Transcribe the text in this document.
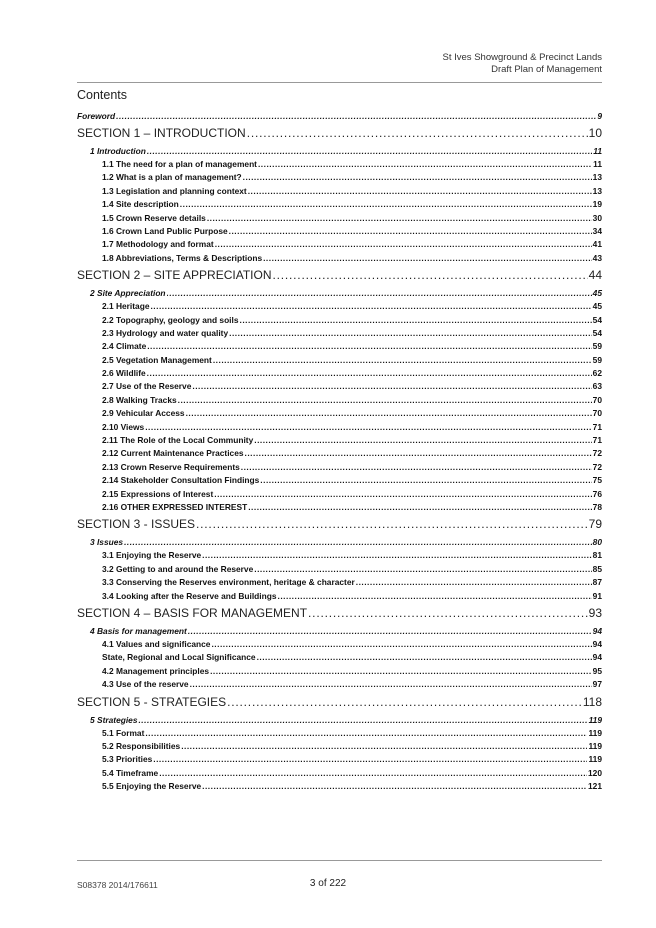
St Ives Showground & Precinct Lands
Draft Plan of Management
Contents
Foreword .....	9
SECTION 1 – INTRODUCTION .....	10
1 Introduction .....	11
1.1 The need for a plan of management .....	11
1.2 What is a plan of management? .....	13
1.3 Legislation and planning context .....	13
1.4 Site description .....	19
1.5 Crown Reserve details .....	30
1.6 Crown Land Public Purpose .....	34
1.7 Methodology and format .....	41
1.8 Abbreviations, Terms & Descriptions .....	43
SECTION 2 – SITE APPRECIATION .....	44
2 Site Appreciation .....	45
2.1 Heritage .....	45
2.2 Topography, geology and soils .....	54
2.3 Hydrology and water quality .....	54
2.4 Climate .....	59
2.5 Vegetation Management .....	59
2.6 Wildlife .....	62
2.7 Use of the Reserve .....	63
2.8 Walking Tracks .....	70
2.9 Vehicular Access .....	70
2.10 Views .....	71
2.11 The Role of the Local Community .....	71
2.12 Current Maintenance Practices .....	72
2.13 Crown Reserve Requirements .....	72
2.14 Stakeholder Consultation Findings .....	75
2.15 Expressions of Interest .....	76
2.16 OTHER EXPRESSED INTEREST .....	78
SECTION 3 - ISSUES .....	79
3 Issues .....	80
3.1 Enjoying the Reserve .....	81
3.2 Getting to and around the Reserve .....	85
3.3 Conserving the Reserves environment, heritage & character .....	87
3.4 Looking after the Reserve and Buildings .....	91
SECTION 4 – BASIS FOR MANAGEMENT .....	93
4 Basis for management .....	94
4.1 Values and significance .....	94
State, Regional and Local Significance .....	94
4.2 Management principles .....	95
4.3 Use of the reserve .....	97
SECTION 5 - STRATEGIES .....	118
5 Strategies .....	119
5.1 Format .....	119
5.2 Responsibilities .....	119
5.3 Priorities .....	119
5.4 Timeframe .....	120
5.5 Enjoying the Reserve .....	121
S08378 2014/176611	3 of 222
